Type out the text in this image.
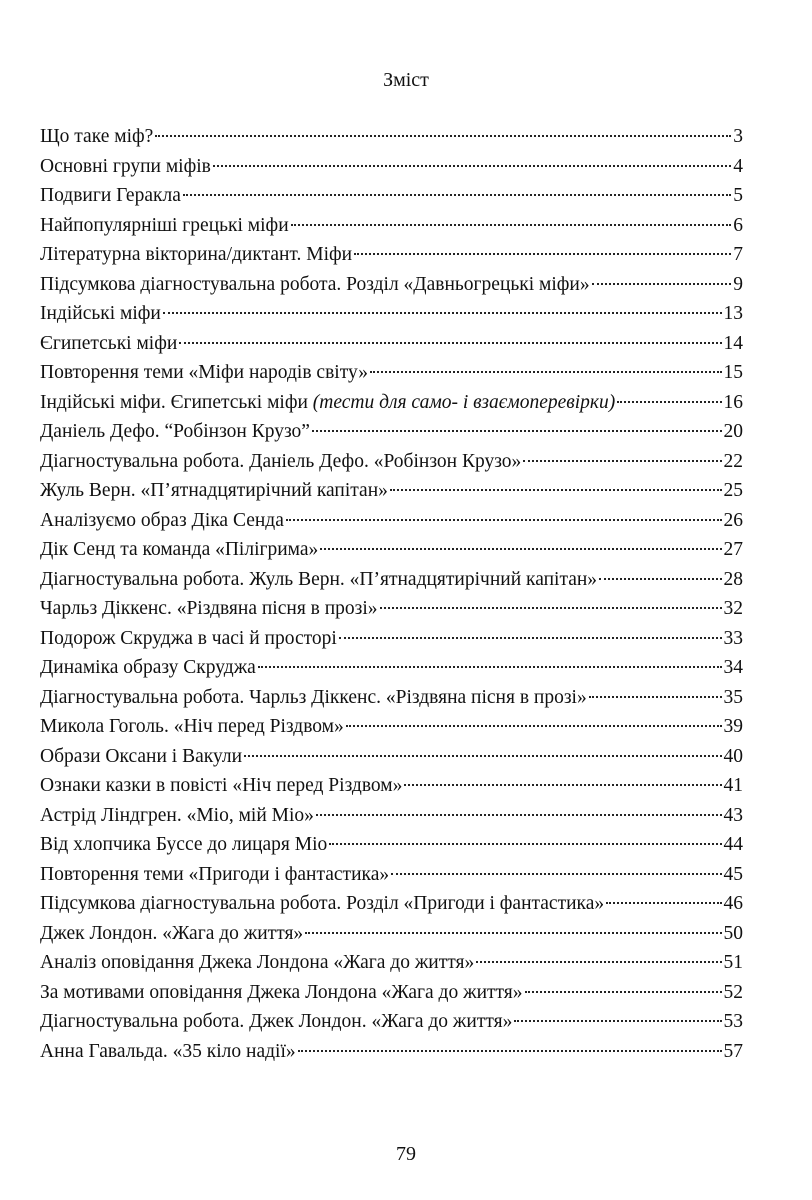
Зміст
Що таке міф?	3
Основні групи міфів	4
Подвиги Геракла	5
Найпопулярніші грецькі міфи	6
Літературна вікторина/диктант. Міфи	7
Підсумкова діагностувальна робота. Розділ «Давньогрецькі міфи»	9
Індійські міфи	13
Єгипетські міфи	14
Повторення теми «Міфи народів світу»	15
Індійські міфи. Єгипетські міфи (тести для само- і взаємоперевірки)	16
Даніель Дефо. “Робінзон Крузо”	20
Діагностувальна робота. Даніель Дефо. «Робінзон Крузо»	22
Жуль Верн. «П’ятнадцятирічний капітан»	25
Аналізуємо образ Діка Сенда	26
Дік Сенд та команда «Пілігрима»	27
Діагностувальна робота. Жуль Верн. «П’ятнадцятирічний капітан»	28
Чарльз Діккенс. «Різдвяна пісня в прозі»	32
Подорож Скруджа в часі й просторі	33
Динаміка образу Скруджа	34
Діагностувальна робота. Чарльз Діккенс. «Різдвяна пісня в прозі»	35
Микола Гоголь. «Ніч перед Різдвом»	39
Образи Оксани і Вакули	40
Ознаки казки в повісті «Ніч перед Різдвом»	41
Астрід Ліндгрен. «Міо, мій Міо»	43
Від хлопчика Буссе до лицаря Міо	44
Повторення теми «Пригоди і фантастика»	45
Підсумкова діагностувальна робота. Розділ «Пригоди і фантастика»	46
Джек Лондон. «Жага до життя»	50
Аналіз оповідання Джека Лондона «Жага до життя»	51
За мотивами оповідання Джека Лондона «Жага до життя»	52
Діагностувальна робота. Джек Лондон. «Жага до життя»	53
Анна Гавальда. «35 кіло надії»	57
79
